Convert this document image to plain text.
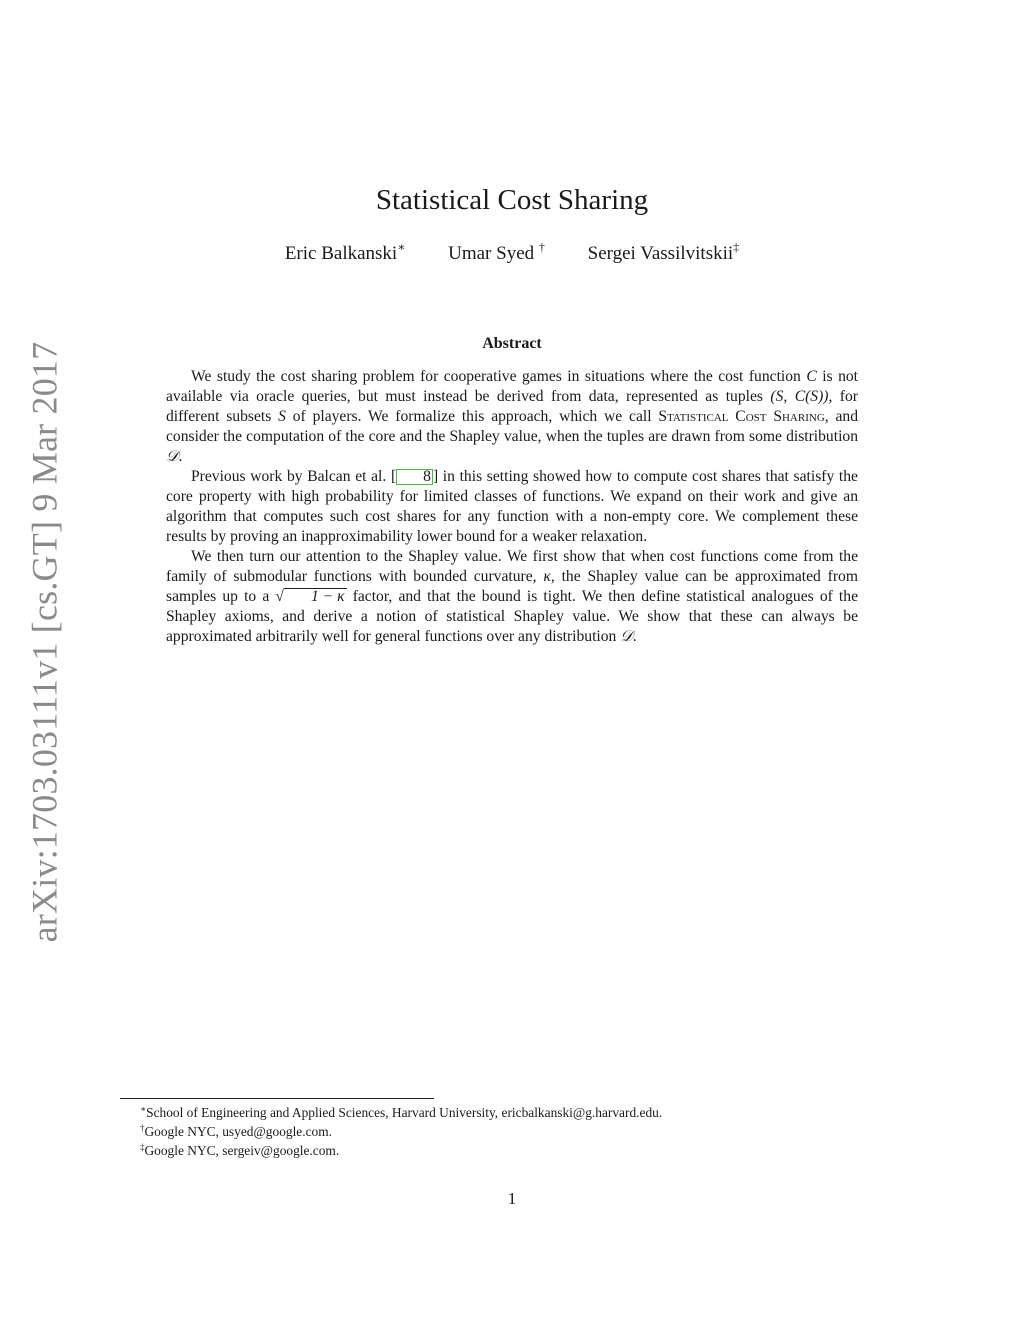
arXiv:1703.03111v1 [cs.GT] 9 Mar 2017
Statistical Cost Sharing
Eric Balkanski∗ Umar Syed † Sergei Vassilvitskii‡
Abstract

We study the cost sharing problem for cooperative games in situations where the cost function C is not available via oracle queries, but must instead be derived from data, represented as tuples (S, C(S)), for different subsets S of players. We formalize this approach, which we call Statistical Cost Sharing, and consider the computation of the core and the Shapley value, when the tuples are drawn from some distribution 𝒟.

Previous work by Balcan et al. [ 8 ] in this setting showed how to compute cost shares that satisfy the core property with high probability for limited classes of functions. We expand on their work and give an algorithm that computes such cost shares for any function with a non-empty core. We complement these results by proving an inapproximability lower bound for a weaker relaxation.

We then turn our attention to the Shapley value. We first show that when cost functions come from the family of submodular functions with bounded curvature, κ, the Shapley value can be approximated from samples up to a √ 1 − κ factor, and that the bound is tight. We then define statistical analogues of the Shapley axioms, and derive a notion of statistical Shapley value. We show that these can always be approximated arbitrarily well for general functions over any distribution 𝒟.

∗School of Engineering and Applied Sciences, Harvard University, ericbalkanski@g.harvard.edu.
†Google NYC, usyed@google.com.
‡Google NYC, sergeiv@google.com.
1
